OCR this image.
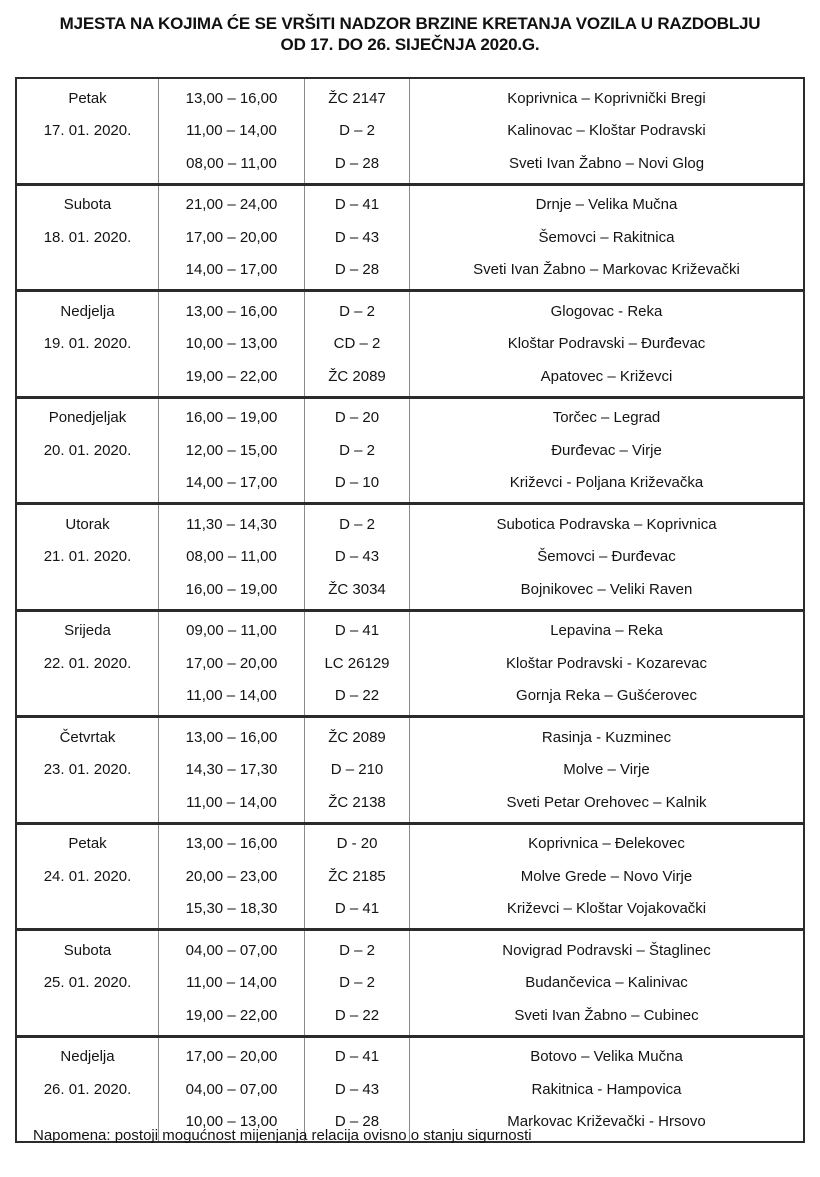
MJESTA NA KOJIMA ĆE SE VRŠITI NADZOR BRZINE KRETANJA VOZILA U RAZDOBLJU OD 17. DO 26. SIJEČNJA 2020.G.
Petak
17. 01. 2020.
13,00 – 16,00
11,00 – 14,00
08,00 – 11,00
ŽC 2147
D – 2
D – 28
Koprivnica – Koprivnički Bregi
Kalinovac – Kloštar Podravski
Sveti Ivan Žabno – Novi Glog
Subota
18. 01. 2020.
21,00 – 24,00
17,00 – 20,00
14,00 – 17,00
D – 41
D – 43
D – 28
Drnje – Velika Mučna
Šemovci – Rakitnica
Sveti Ivan Žabno – Markovac Križevački
Nedjelja
19. 01. 2020.
13,00 – 16,00
10,00 – 13,00
19,00 – 22,00
D – 2
CD – 2
ŽC 2089
Glogovac - Reka
Kloštar Podravski – Đurđevac
Apatovec – Križevci
Ponedjeljak
20. 01. 2020.
16,00 – 19,00
12,00 – 15,00
14,00 – 17,00
D – 20
D – 2
D – 10
Torčec – Legrad
Đurđevac – Virje
Križevci - Poljana Križevačka
Utorak
21. 01. 2020.
11,30 – 14,30
08,00 – 11,00
16,00 – 19,00
D – 2
D – 43
ŽC 3034
Subotica Podravska – Koprivnica
Šemovci – Đurđevac
Bojnikovec – Veliki Raven
Srijeda
22. 01. 2020.
09,00 – 11,00
17,00 – 20,00
11,00 – 14,00
D – 41
LC 26129
D – 22
Lepavina – Reka
Kloštar Podravski - Kozarevac
Gornja Reka – Gušćerovec
Četvrtak
23. 01. 2020.
13,00 – 16,00
14,30 – 17,30
11,00 – 14,00
ŽC 2089
D – 210
ŽC 2138
Rasinja - Kuzminec
Molve – Virje
Sveti Petar Orehovec – Kalnik
Petak
24. 01. 2020.
13,00 – 16,00
20,00 – 23,00
15,30 – 18,30
D - 20
ŽC 2185
D – 41
Koprivnica – Đelekovec
Molve Grede – Novo Virje
Križevci – Kloštar Vojakovački
Subota
25. 01. 2020.
04,00 – 07,00
11,00 – 14,00
19,00 – 22,00
D – 2
D – 2
D – 22
Novigrad Podravski – Štaglinec
Budančevica – Kalinivac
Sveti Ivan Žabno – Cubinec
Nedjelja
26. 01. 2020.
17,00 – 20,00
04,00 – 07,00
10,00 – 13,00
D – 41
D – 43
D – 28
Botovo – Velika Mučna
Rakitnica - Hampovica
Markovac Križevački - Hrsovo
Napomena: postoji mogućnost mijenjanja relacija ovisno o stanju sigurnosti
